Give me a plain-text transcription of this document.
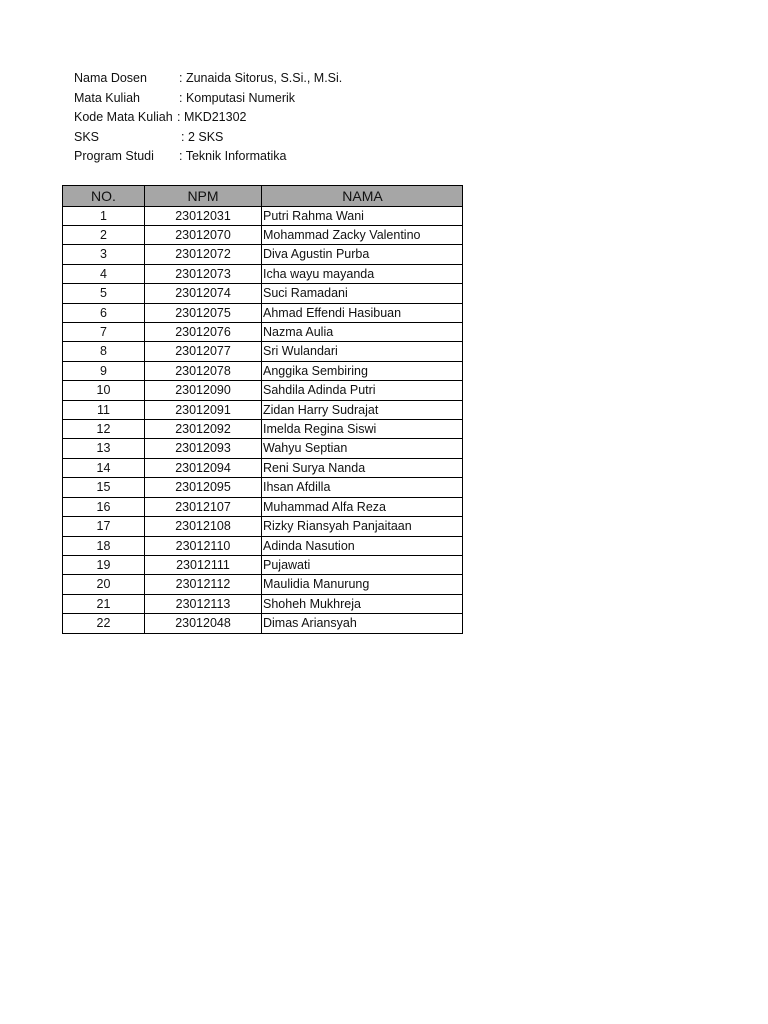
Nama Dosen	: Zunaida Sitorus, S.Si., M.Si.
Mata Kuliah	: Komputasi Numerik
Kode Mata Kuliah : MKD21302
SKS	: 2 SKS
Program Studi : Teknik Informatika
NO.	NPM	NAMA
1	23012031	Putri Rahma Wani
2	23012070	Mohammad Zacky Valentino
3	23012072	Diva Agustin Purba
4	23012073	Icha wayu mayanda
5	23012074	Suci Ramadani
6	23012075	Ahmad Effendi Hasibuan
7	23012076	Nazma Aulia
8	23012077	Sri Wulandari
9	23012078	Anggika Sembiring
10	23012090	Sahdila Adinda Putri
11	23012091	Zidan Harry Sudrajat
12	23012092	Imelda Regina Siswi
13	23012093	Wahyu Septian
14	23012094	Reni Surya Nanda
15	23012095	Ihsan Afdilla
16	23012107	Muhammad Alfa Reza
17	23012108	Rizky Riansyah Panjaitaan
18	23012110	Adinda Nasution
19	23012111	Pujawati
20	23012112	Maulidia Manurung
21	23012113	Shoheh Mukhreja
22	23012048	Dimas Ariansyah
